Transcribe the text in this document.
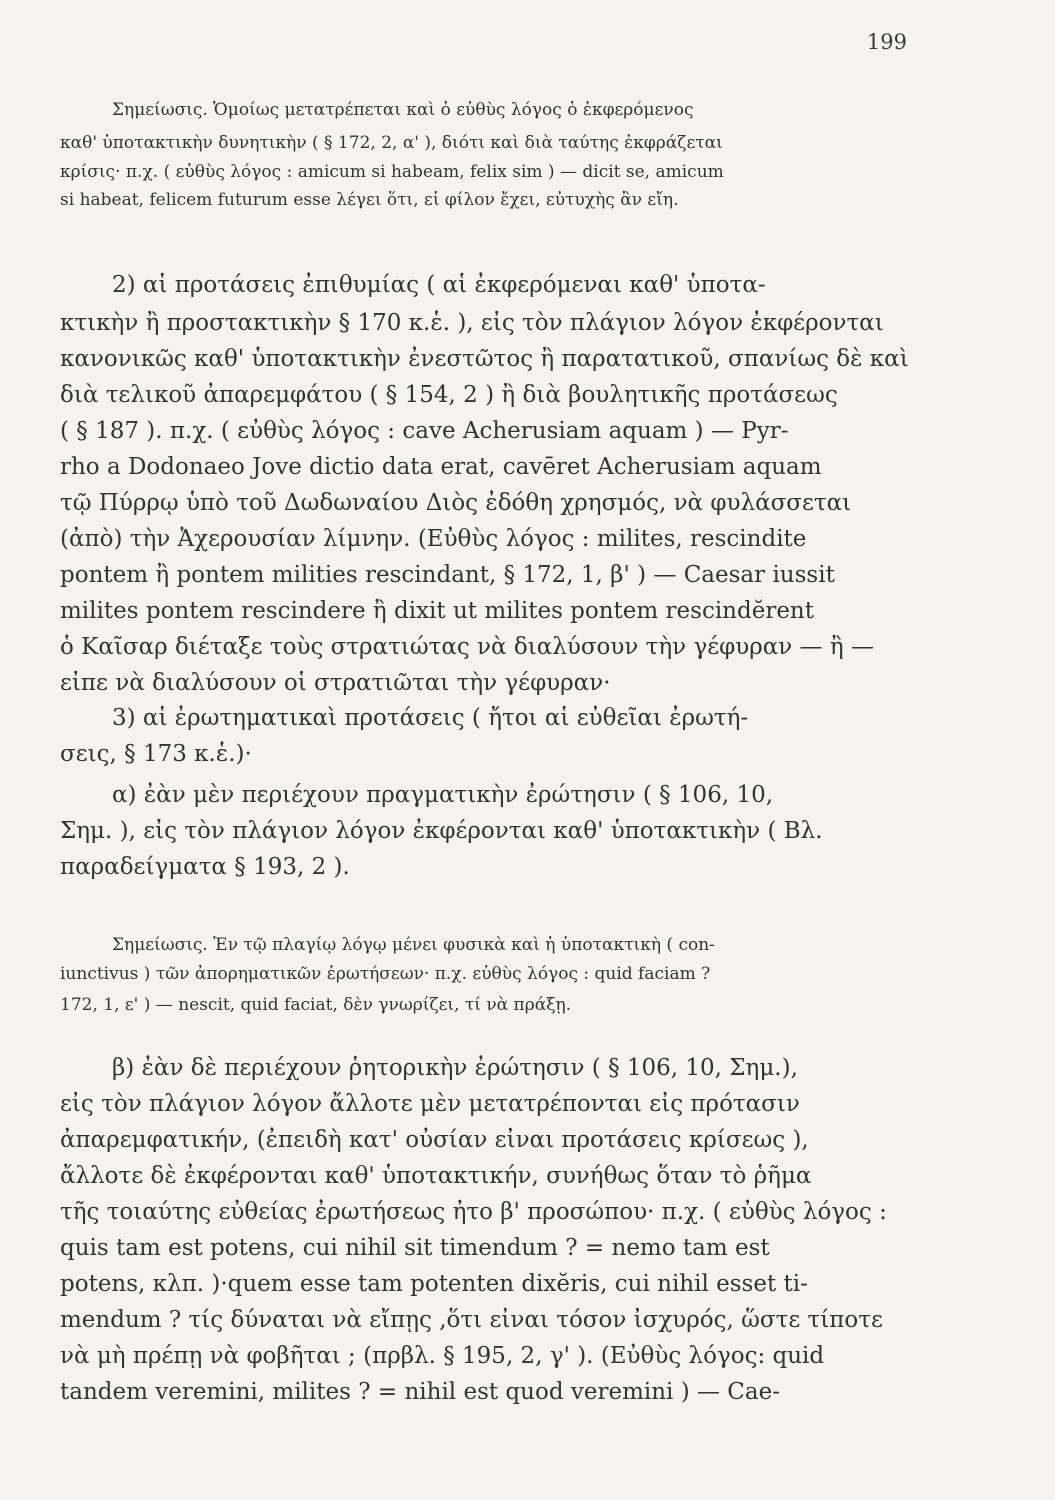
199
Σημείωσις. Ὁμοίως μετατρέπεται καὶ ὁ εὐθὺς λόγος ὁ ἐκφερόμενος
καθ' ὑποτακτικὴν δυνητικὴν ( § 172, 2, α' ), διότι καὶ διὰ ταύτης ἐκφράζεται
κρίσις· π.χ. ( εὐθὺς λόγος : amicum si habeam, felix sim ) — dicit se, amicum
si habeat, felicem futurum esse λέγει ὅτι, εἰ φίλον ἔχει, εὐτυχὴς ἂν εἴη.
2) αἱ προτάσεις ἐπιθυμίας ( αἱ ἐκφερόμεναι καθ' ὑποτα-
κτικὴν ἢ προστακτικὴν § 170 κ.ἑ. ), εἰς τὸν πλάγιον λόγον ἐκφέρονται
κανονικῶς καθ' ὑποτακτικὴν ἐνεστῶτος ἢ παρατατικοῦ, σπανίως δὲ καὶ
διὰ τελικοῦ ἀπαρεμφάτου ( § 154, 2 ) ἢ διὰ βουλητικῆς προτάσεως
( § 187 ). π.χ. ( εὐθὺς λόγος : cave Acherusiam aquam ) — Pyr-
rho a Dodonaeo Jove dictio data erat, cavēret Acherusiam aquam
τῷ Πύρρῳ ὑπὸ τοῦ Δωδωναίου Διὸς ἐδόθη χρησμός, νὰ φυλάσσεται
(ἀπὸ) τὴν Ἀχερουσίαν λίμνην. (Εὐθὺς λόγος : milites, rescindite
pontem ἢ pontem milities rescindant, § 172, 1, β' ) — Caesar iussit
milites pontem rescindere ἢ dixit ut milites pontem rescindĕrent
ὁ Καῖσαρ διέταξε τοὺς στρατιώτας νὰ διαλύσουν τὴν γέφυραν — ἢ —
εἶπε νὰ διαλύσουν οἱ στρατιῶται τὴν γέφυραν·
3) αἱ ἐρωτηματικαὶ προτάσεις ( ἤτοι αἱ εὐθεῖαι ἐρωτή-
σεις, § 173 κ.ἑ.)·
α) ἐὰν μὲν περιέχουν πραγματικὴν ἐρώτησιν ( § 106, 10,
Σημ. ), εἰς τὸν πλάγιον λόγον ἐκφέρονται καθ' ὑποτακτικὴν ( Βλ.
παραδείγματα § 193, 2 ).
Σημείωσις. Ἐν τῷ πλαγίῳ λόγῳ μένει φυσικὰ καὶ ἡ ὑποτακτικὴ ( con-
iunctivus ) τῶν ἀπορηματικῶν ἐρωτήσεων· π.χ. εὐθὺς λόγος : quid faciam ?
172, 1, ε' ) — nescit, quid faciat, δὲν γνωρίζει, τί νὰ πράξῃ.
β) ἐὰν δὲ περιέχουν ῥητορικὴν ἐρώτησιν ( § 106, 10, Σημ.),
εἰς τὸν πλάγιον λόγον ἄλλοτε μὲν μετατρέπονται εἰς πρότασιν
ἀπαρεμφατικήν, (ἐπειδὴ κατ' οὐσίαν εἶναι προτάσεις κρίσεως ),
ἄλλοτε δὲ ἐκφέρονται καθ' ὑποτακτικήν, συνήθως ὅταν τὸ ῥῆμα
τῆς τοιαύτης εὐθείας ἐρωτήσεως ἦτο β' προσώπου· π.χ. ( εὐθὺς λόγος :
quis tam est potens, cui nihil sit timendum ? = nemo tam est
potens, κλπ. )·quem esse tam potenten dixĕris, cui nihil esset ti-
mendum ? τίς δύναται νὰ εἴπῃς ,ὅτι εἶναι τόσον ἰσχυρός, ὥστε τίποτε
νὰ μὴ πρέπῃ νὰ φοβῆται ; (πρβλ. § 195, 2, γ' ). (Εὐθὺς λόγος: quid
tandem veremini, milites ? = nihil est quod veremini ) — Cae-
